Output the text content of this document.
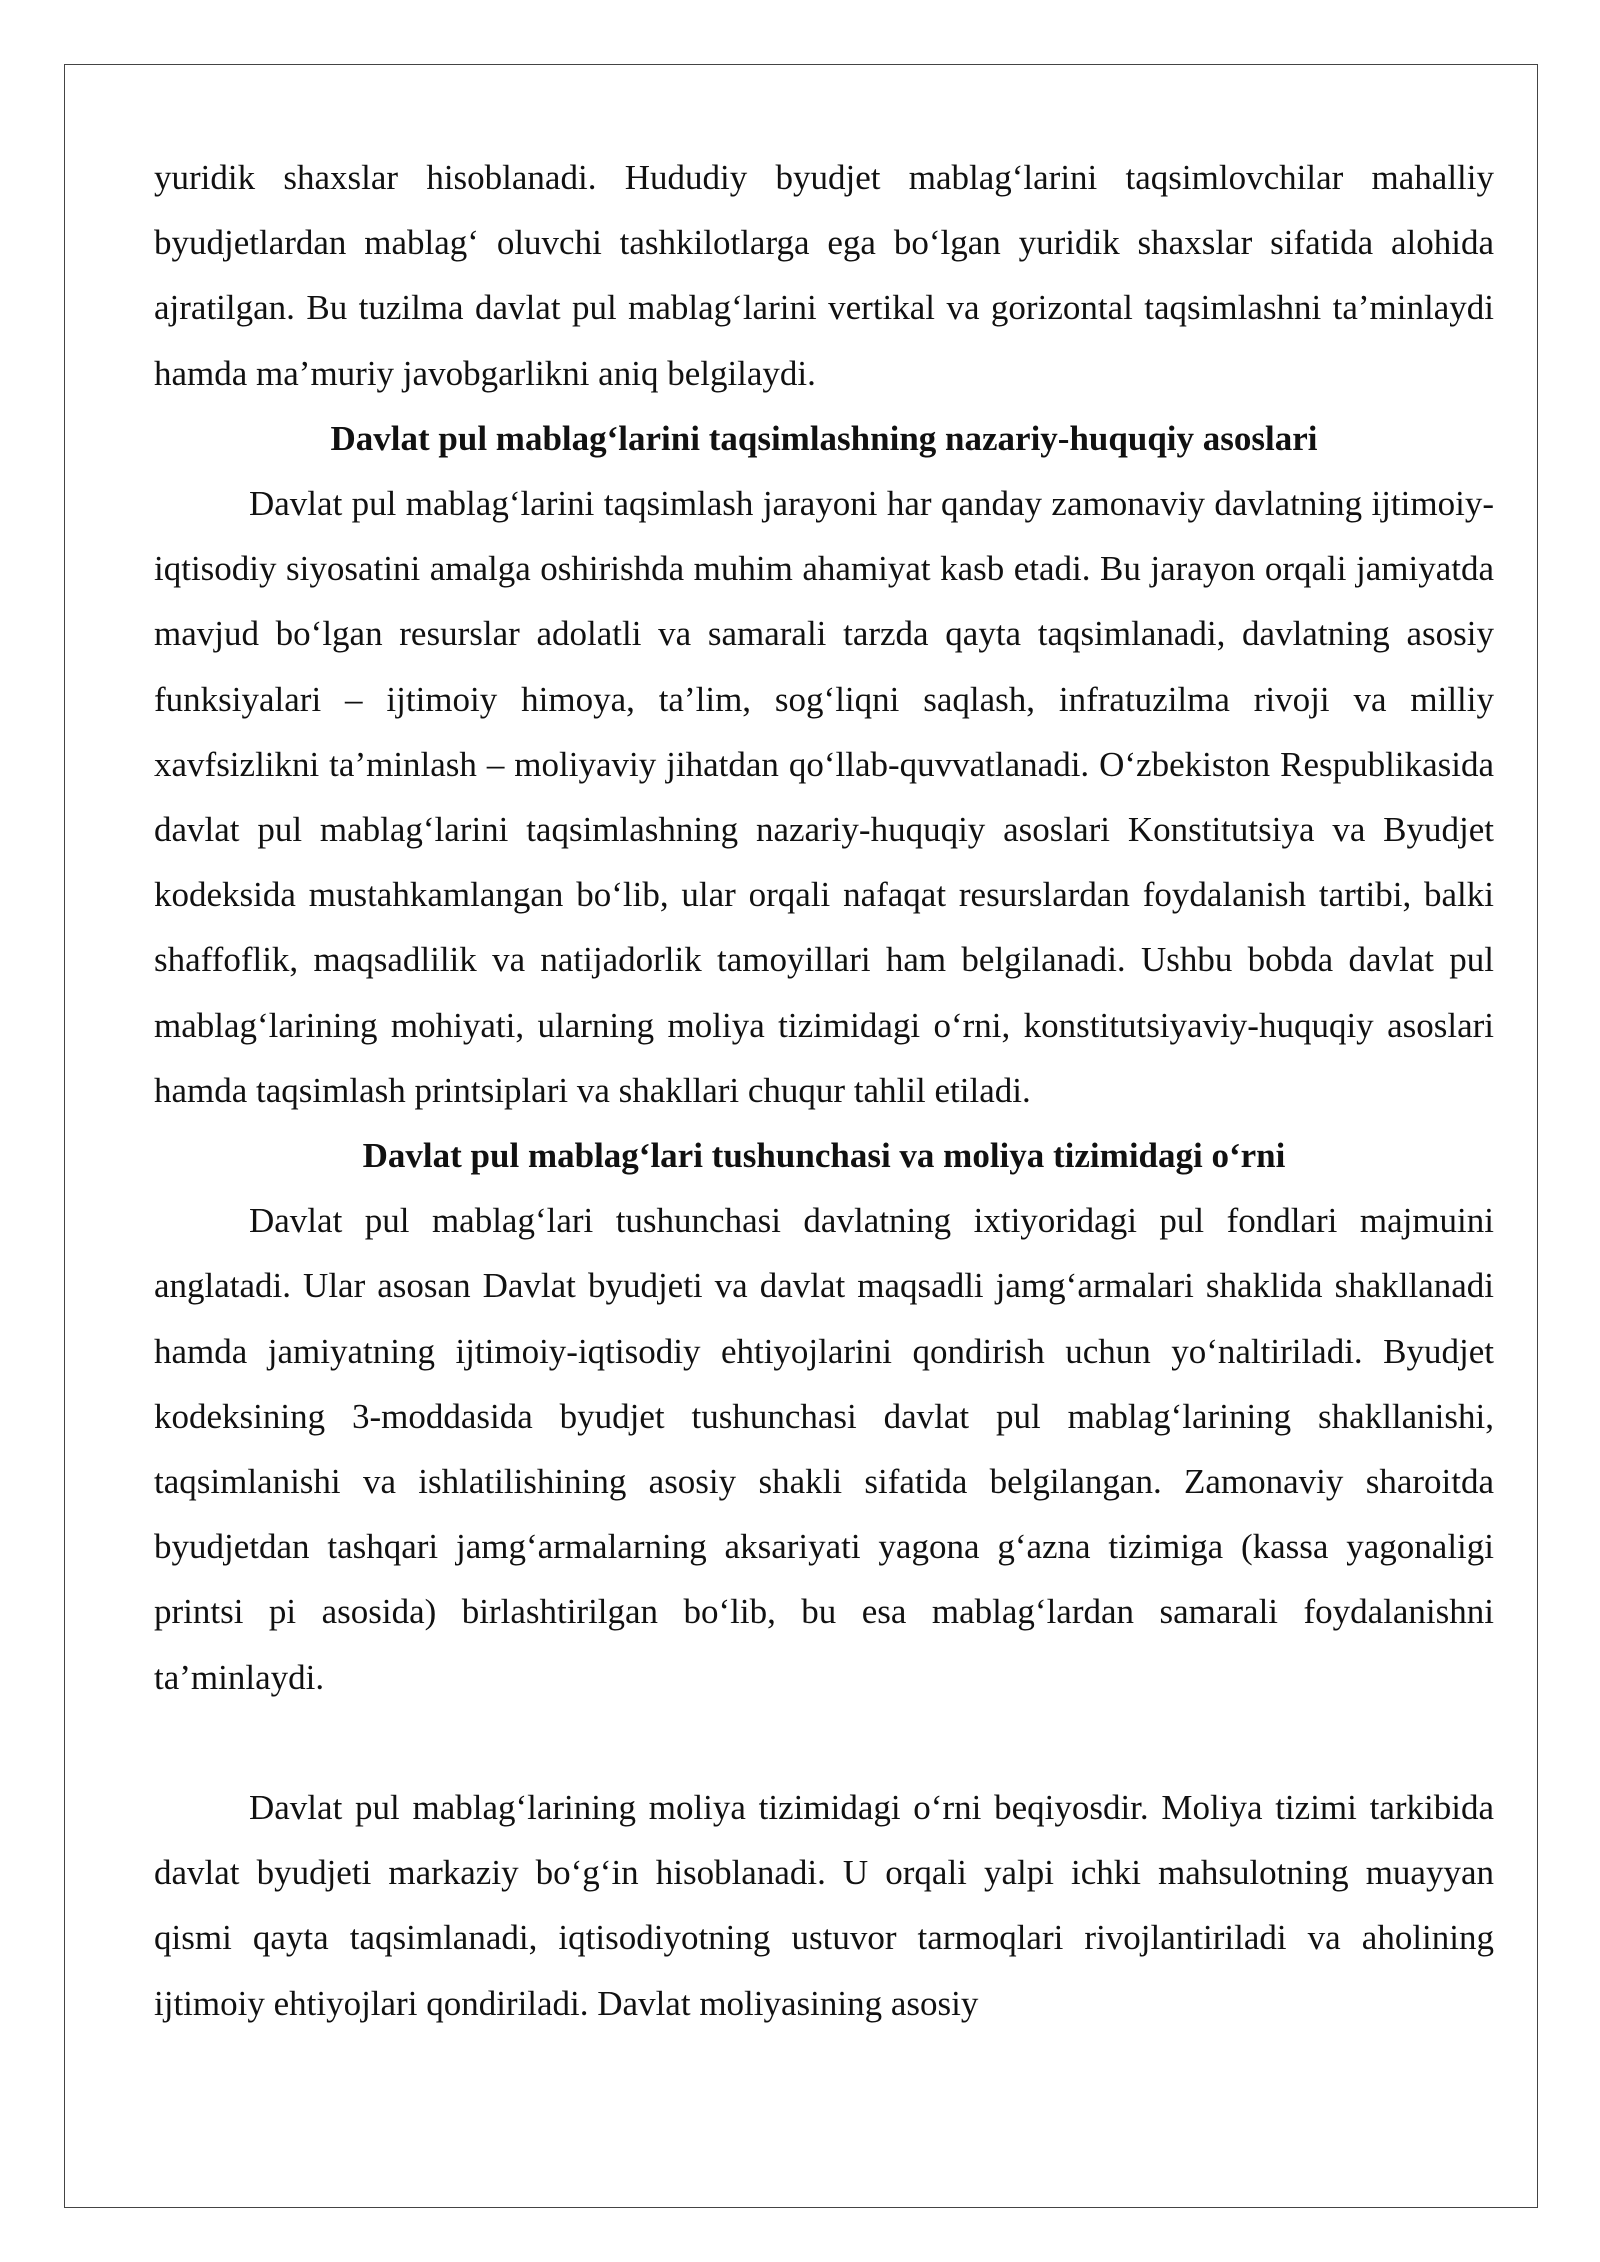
yuridik shaxslar hisoblanadi. Hududiy byudjet mablag‘larini taqsimlovchilar mahalliy byudjetlardan mablag‘ oluvchi tashkilotlarga ega bo‘lgan yuridik shaxslar sifatida alohida ajratilgan. Bu tuzilma davlat pul mablag‘larini vertikal va gorizontal taqsimlashni ta’minlaydi hamda ma’muriy javobgarlikni aniq belgilaydi.

Davlat pul mablag‘larini taqsimlashning nazariy-huquqiy asoslari

Davlat pul mablag‘larini taqsimlash jarayoni har qanday zamonaviy davlatning ijtimoiy-iqtisodiy siyosatini amalga oshirishda muhim ahamiyat kasb etadi. Bu jarayon orqali jamiyatda mavjud bo‘lgan resurslar adolatli va samarali tarzda qayta taqsimlanadi, davlatning asosiy funksiyalari – ijtimoiy himoya, ta’lim, sog‘liqni saqlash, infratuzilma rivoji va milliy xavfsizlikni ta’minlash – moliyaviy jihatdan qo‘llab-quvvatlanadi. O‘zbekiston Respublikasida davlat pul mablag‘larini taqsimlashning nazariy-huquqiy asoslari Konstitutsiya va Byudjet kodeksida mustahkamlangan bo‘lib, ular orqali nafaqat resurslardan foydalanish tartibi, balki shaffoflik, maqsadlilik va natijadorlik tamoyillari ham belgilanadi. Ushbu bobda davlat pul mablag‘larining mohiyati, ularning moliya tizimidagi o‘rni, konstitutsiyaviy-huquqiy asoslari hamda taqsimlash printsiplari va shakllari chuqur tahlil etiladi.

Davlat pul mablag‘lari tushunchasi va moliya tizimidagi o‘rni

Davlat pul mablag‘lari tushunchasi davlatning ixtiyoridagi pul fondlari majmuini anglatadi. Ular asosan Davlat byudjeti va davlat maqsadli jamg‘armalari shaklida shakllanadi hamda jamiyatning ijtimoiy-iqtisodiy ehtiyojlarini qondirish uchun yo‘naltiriladi. Byudjet kodeksining 3-moddasida byudjet tushunchasi davlat pul mablag‘larining shakllanishi, taqsimlanishi va ishlatilishining asosiy shakli sifatida belgilangan. Zamonaviy sharoitda byudjetdan tashqari jamg‘armalarning aksariyati yagona g‘azna tizimiga (kassa yagonaligi printsi pi asosida) birlashtirilgan bo‘lib, bu esa mablag‘lardan samarali foydalanishni ta’minlaydi.

Davlat pul mablag‘larining moliya tizimidagi o‘rni beqiyosdir. Moliya tizimi tarkibida davlat byudjeti markaziy bo‘g‘in hisoblanadi. U orqali yalpi ichki mahsulotning muayyan qismi qayta taqsimlanadi, iqtisodiyotning ustuvor tarmoqlari rivojlantiriladi va aholining ijtimoiy ehtiyojlari qondiriladi. Davlat moliyasining asosiy
